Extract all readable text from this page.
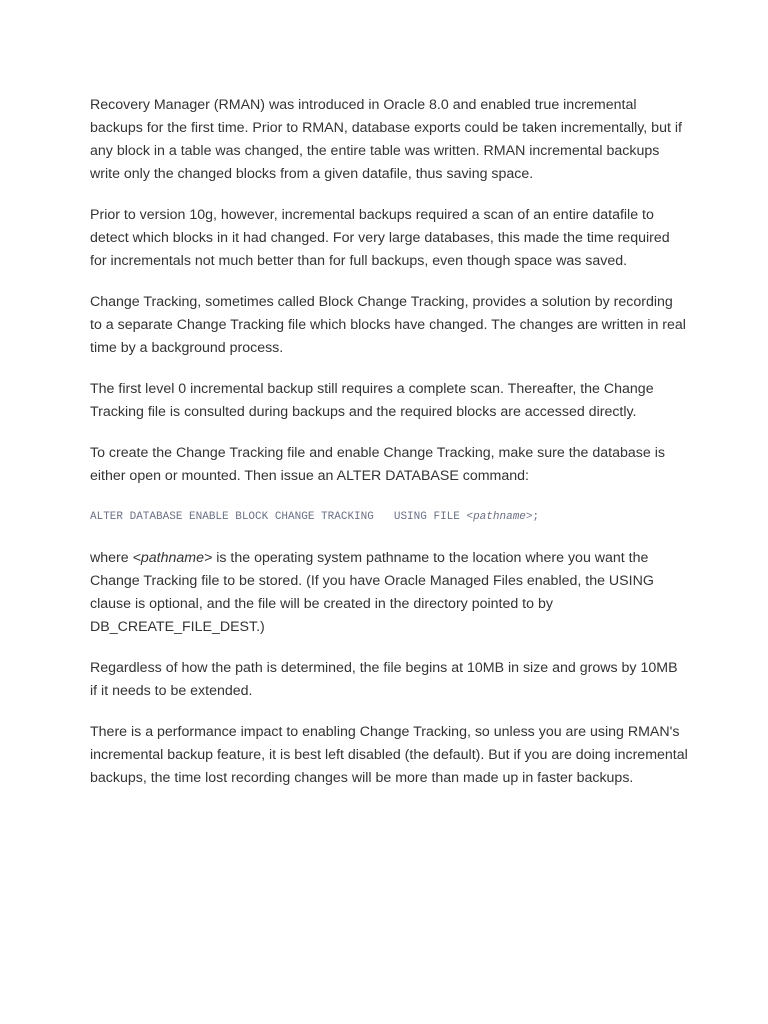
Recovery Manager (RMAN) was introduced in Oracle 8.0 and enabled true incremental backups for the first time. Prior to RMAN, database exports could be taken incrementally, but if any block in a table was changed, the entire table was written. RMAN incremental backups write only the changed blocks from a given datafile, thus saving space.

Prior to version 10g, however, incremental backups required a scan of an entire datafile to detect which blocks in it had changed. For very large databases, this made the time required for incrementals not much better than for full backups, even though space was saved.

Change Tracking, sometimes called Block Change Tracking, provides a solution by recording to a separate Change Tracking file which blocks have changed. The changes are written in real time by a background process.

The first level 0 incremental backup still requires a complete scan. Thereafter, the Change Tracking file is consulted during backups and the required blocks are accessed directly.

To create the Change Tracking file and enable Change Tracking, make sure the database is either open or mounted. Then issue an ALTER DATABASE command:

ALTER DATABASE ENABLE BLOCK CHANGE TRACKING USING FILE <pathname>;

where <pathname> is the operating system pathname to the location where you want the Change Tracking file to be stored. (If you have Oracle Managed Files enabled, the USING clause is optional, and the file will be created in the directory pointed to by DB_CREATE_FILE_DEST.)

Regardless of how the path is determined, the file begins at 10MB in size and grows by 10MB if it needs to be extended.

There is a performance impact to enabling Change Tracking, so unless you are using RMAN's incremental backup feature, it is best left disabled (the default). But if you are doing incremental backups, the time lost recording changes will be more than made up in faster backups.
